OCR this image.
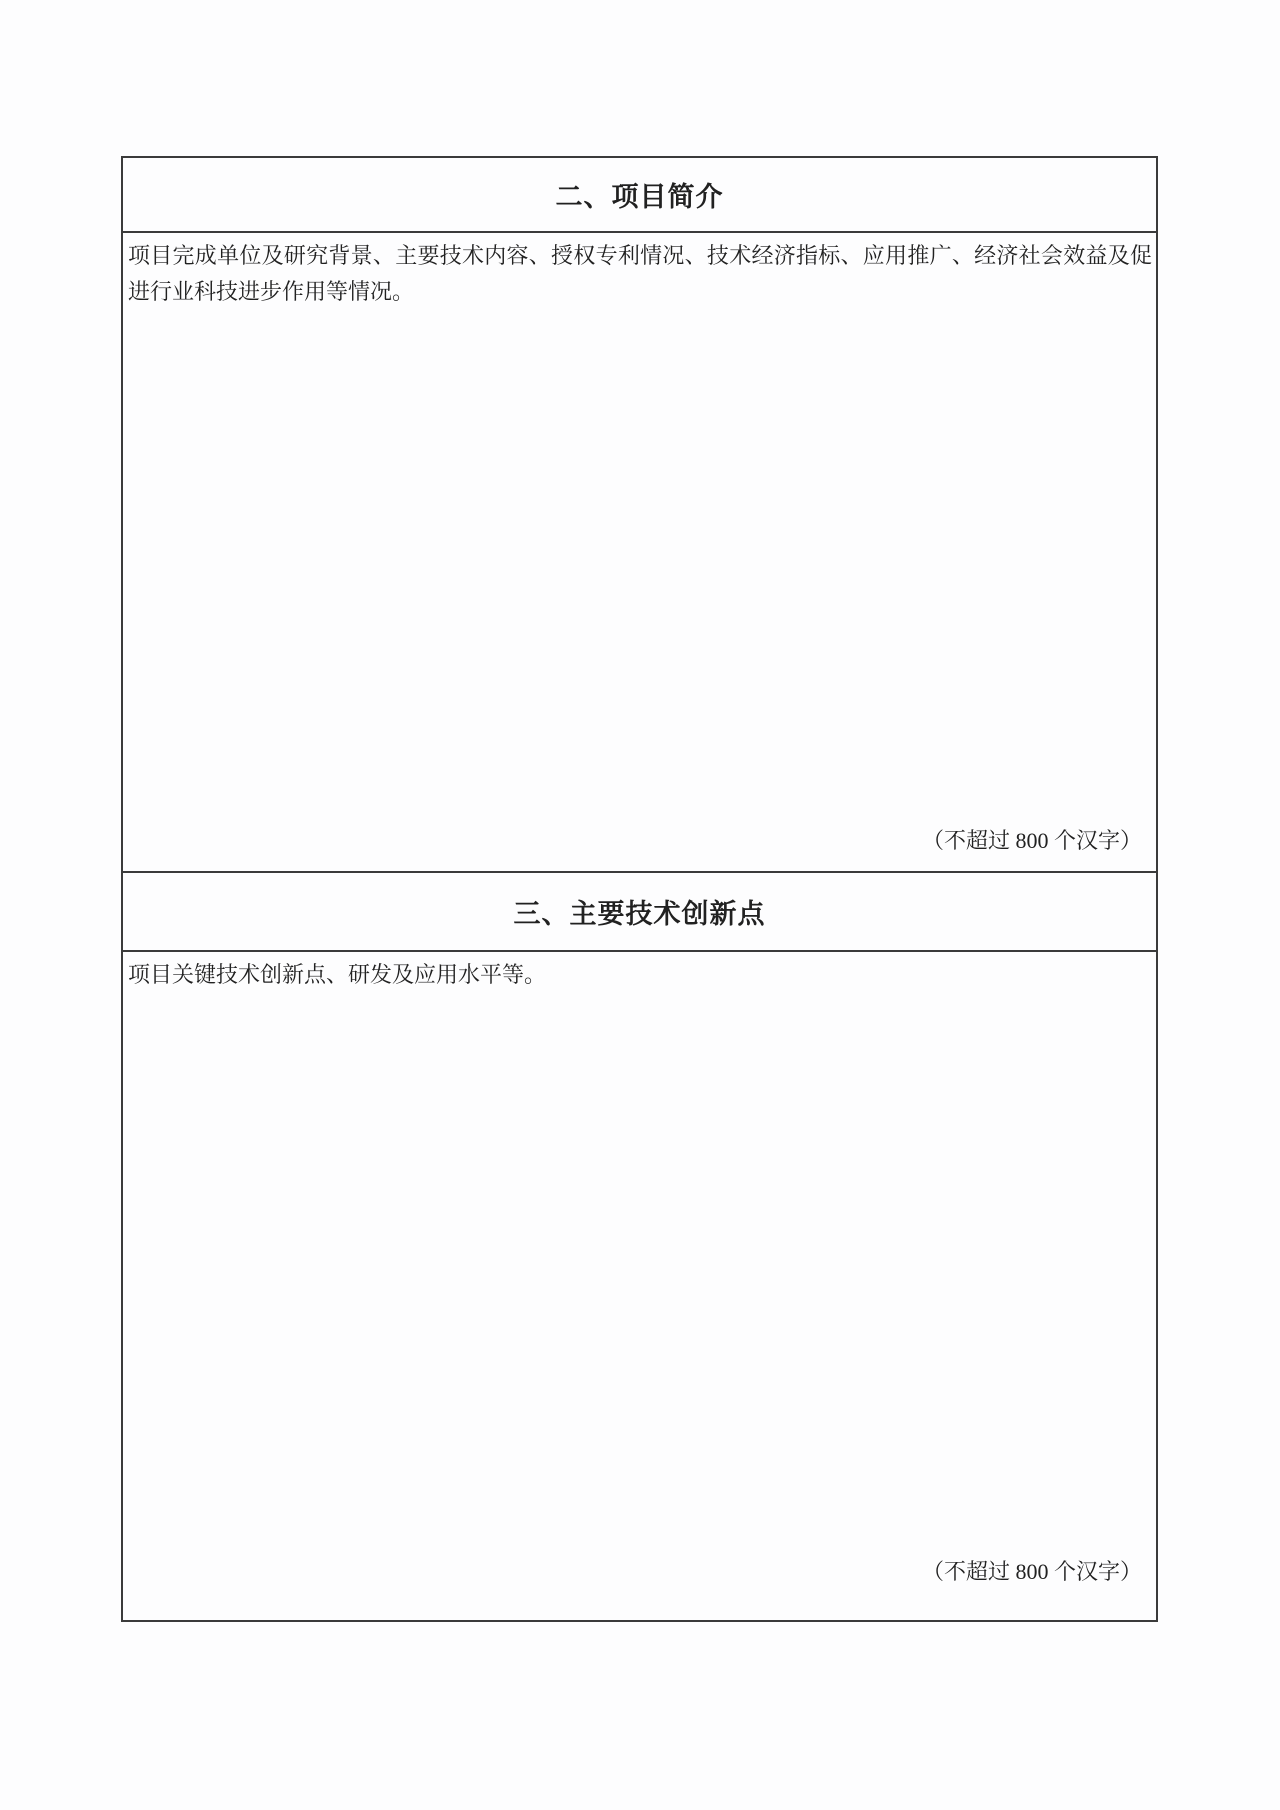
二、项目简介
项目完成单位及研究背景、主要技术内容、授权专利情况、技术经济指标、应用推广、经济社会效益及促进行业科技进步作用等情况。
（不超过 800 个汉字）
三、主要技术创新点
项目关键技术创新点、研发及应用水平等。
（不超过 800 个汉字）
